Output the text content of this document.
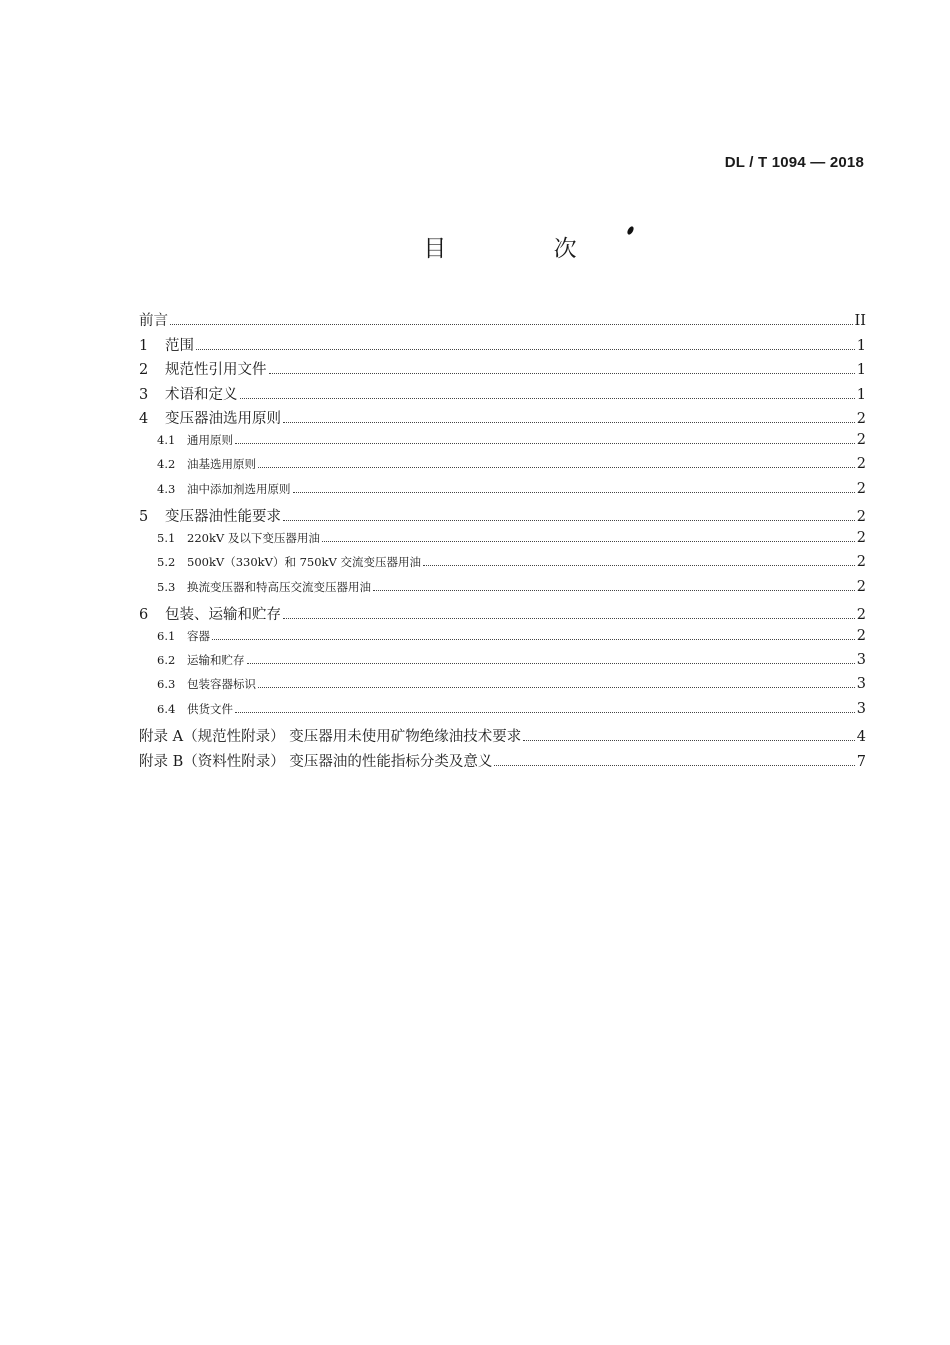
DL / T 1094 — 2018
目 次
前言	II
1	范围	1
2	规范性引用文件	1
3	术语和定义	1
4	变压器油选用原则	2
4.1	通用原则	2
4.2	油基选用原则	2
4.3	油中添加剂选用原则	2
5	变压器油性能要求	2
5.1	220kV 及以下变压器用油	2
5.2	500kV（330kV）和 750kV 交流变压器用油	2
5.3	换流变压器和特高压交流变压器用油	2
6	包装、运输和贮存	2
6.1	容器	2
6.2	运输和贮存	3
6.3	包装容器标识	3
6.4	供货文件	3
附录 A（规范性附录） 变压器用未使用矿物绝缘油技术要求	4
附录 B（资料性附录） 变压器油的性能指标分类及意义	7
